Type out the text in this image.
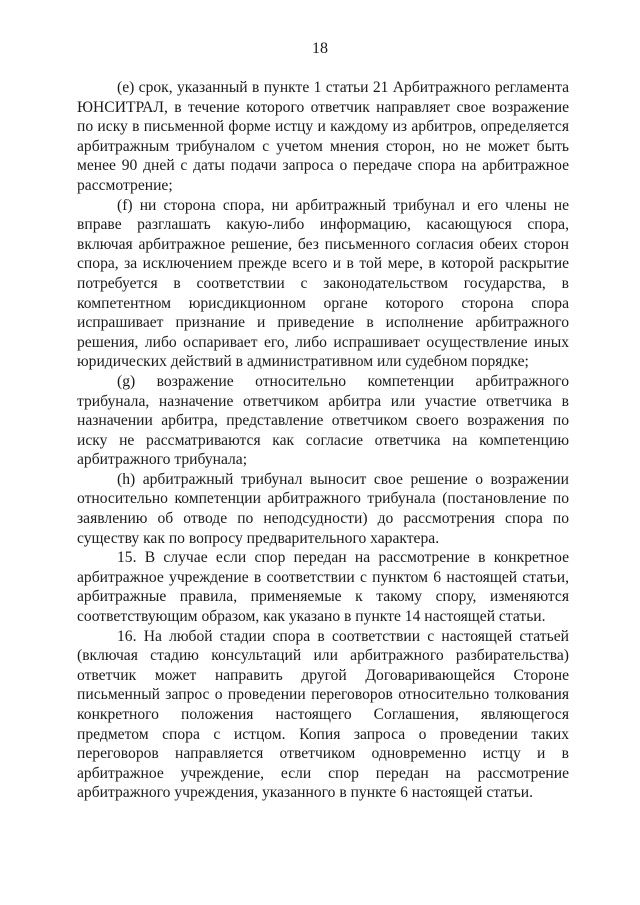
18

(e) срок, указанный в пункте 1 статьи 21 Арбитражного регламента ЮНСИТРАЛ, в течение которого ответчик направляет свое возражение по иску в письменной форме истцу и каждому из арбитров, определяется арбитражным трибуналом с учетом мнения сторон, но не может быть менее 90 дней с даты подачи запроса о передаче спора на арбитражное рассмотрение;

(f) ни сторона спора, ни арбитражный трибунал и его члены не вправе разглашать какую-либо информацию, касающуюся спора, включая арбитражное решение, без письменного согласия обеих сторон спора, за исключением прежде всего и в той мере, в которой раскрытие потребуется в соответствии с законодательством государства, в компетентном юрисдикционном органе которого сторона спора испрашивает признание и приведение в исполнение арбитражного решения, либо оспаривает его, либо испрашивает осуществление иных юридических действий в административном или судебном порядке;

(g) возражение относительно компетенции арбитражного трибунала, назначение ответчиком арбитра или участие ответчика в назначении арбитра, представление ответчиком своего возражения по иску не рассматриваются как согласие ответчика на компетенцию арбитражного трибунала;

(h) арбитражный трибунал выносит свое решение о возражении относительно компетенции арбитражного трибунала (постановление по заявлению об отводе по неподсудности) до рассмотрения спора по существу как по вопросу предварительного характера.

15. В случае если спор передан на рассмотрение в конкретное арбитражное учреждение в соответствии с пунктом 6 настоящей статьи, арбитражные правила, применяемые к такому спору, изменяются соответствующим образом, как указано в пункте 14 настоящей статьи.

16. На любой стадии спора в соответствии с настоящей статьей (включая стадию консультаций или арбитражного разбирательства) ответчик может направить другой Договаривающейся Стороне письменный запрос о проведении переговоров относительно толкования конкретного положения настоящего Соглашения, являющегося предметом спора с истцом. Копия запроса о проведении таких переговоров направляется ответчиком одновременно истцу и в арбитражное учреждение, если спор передан на рассмотрение арбитражного учреждения, указанного в пункте 6 настоящей статьи.
